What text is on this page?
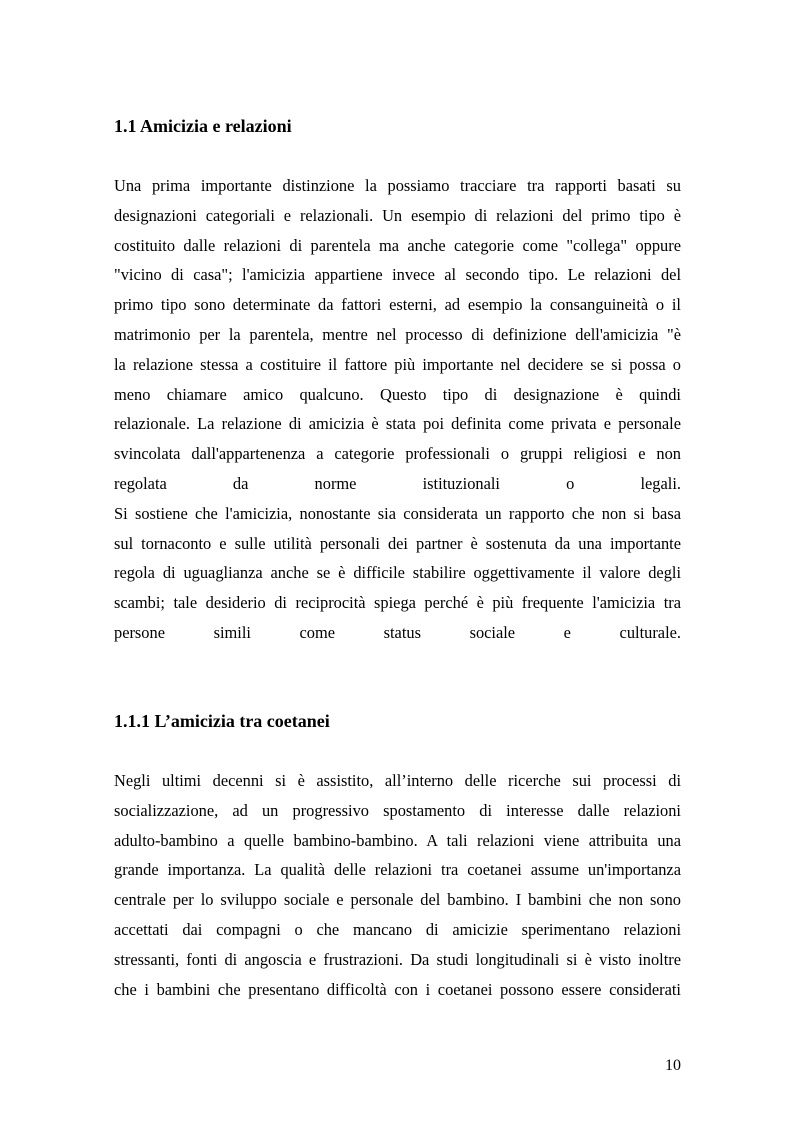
1.1 Amicizia e relazioni
Una prima importante distinzione la possiamo tracciare tra rapporti basati su
designazioni categoriali e relazionali. Un esempio di relazioni del primo tipo è
costituito dalle relazioni di parentela ma anche categorie come "collega" oppure
"vicino di casa"; l'amicizia appartiene invece al secondo tipo. Le relazioni del
primo tipo sono determinate da fattori esterni, ad esempio la consanguineità o il
matrimonio per la parentela, mentre nel processo di definizione dell'amicizia "è
la relazione stessa a costituire il fattore più importante nel decidere se si possa o
meno chiamare amico qualcuno. Questo tipo di designazione è quindi
relazionale. La relazione di amicizia è stata poi definita come privata e personale
svincolata dall'appartenenza a categorie professionali o gruppi religiosi e non
regolata da norme istituzionali o legali.
Si sostiene che l'amicizia, nonostante sia considerata un rapporto che non si basa
sul tornaconto e sulle utilità personali dei partner è sostenuta da una importante
regola di uguaglianza anche se è difficile stabilire oggettivamente il valore degli
scambi; tale desiderio di reciprocità spiega perché è più frequente l'amicizia tra
persone simili come status sociale e culturale.
1.1.1 L’amicizia tra coetanei
Negli ultimi decenni si è assistito, all’interno delle ricerche sui processi di
socializzazione, ad un progressivo spostamento di interesse dalle relazioni
adulto-bambino a quelle bambino-bambino. A tali relazioni viene attribuita una
grande importanza. La qualità delle relazioni tra coetanei assume un'importanza
centrale per lo sviluppo sociale e personale del bambino. I bambini che non sono
accettati dai compagni o che mancano di amicizie sperimentano relazioni
stressanti, fonti di angoscia e frustrazioni. Da studi longitudinali si è visto inoltre
che i bambini che presentano difficoltà con i coetanei possono essere considerati

10
